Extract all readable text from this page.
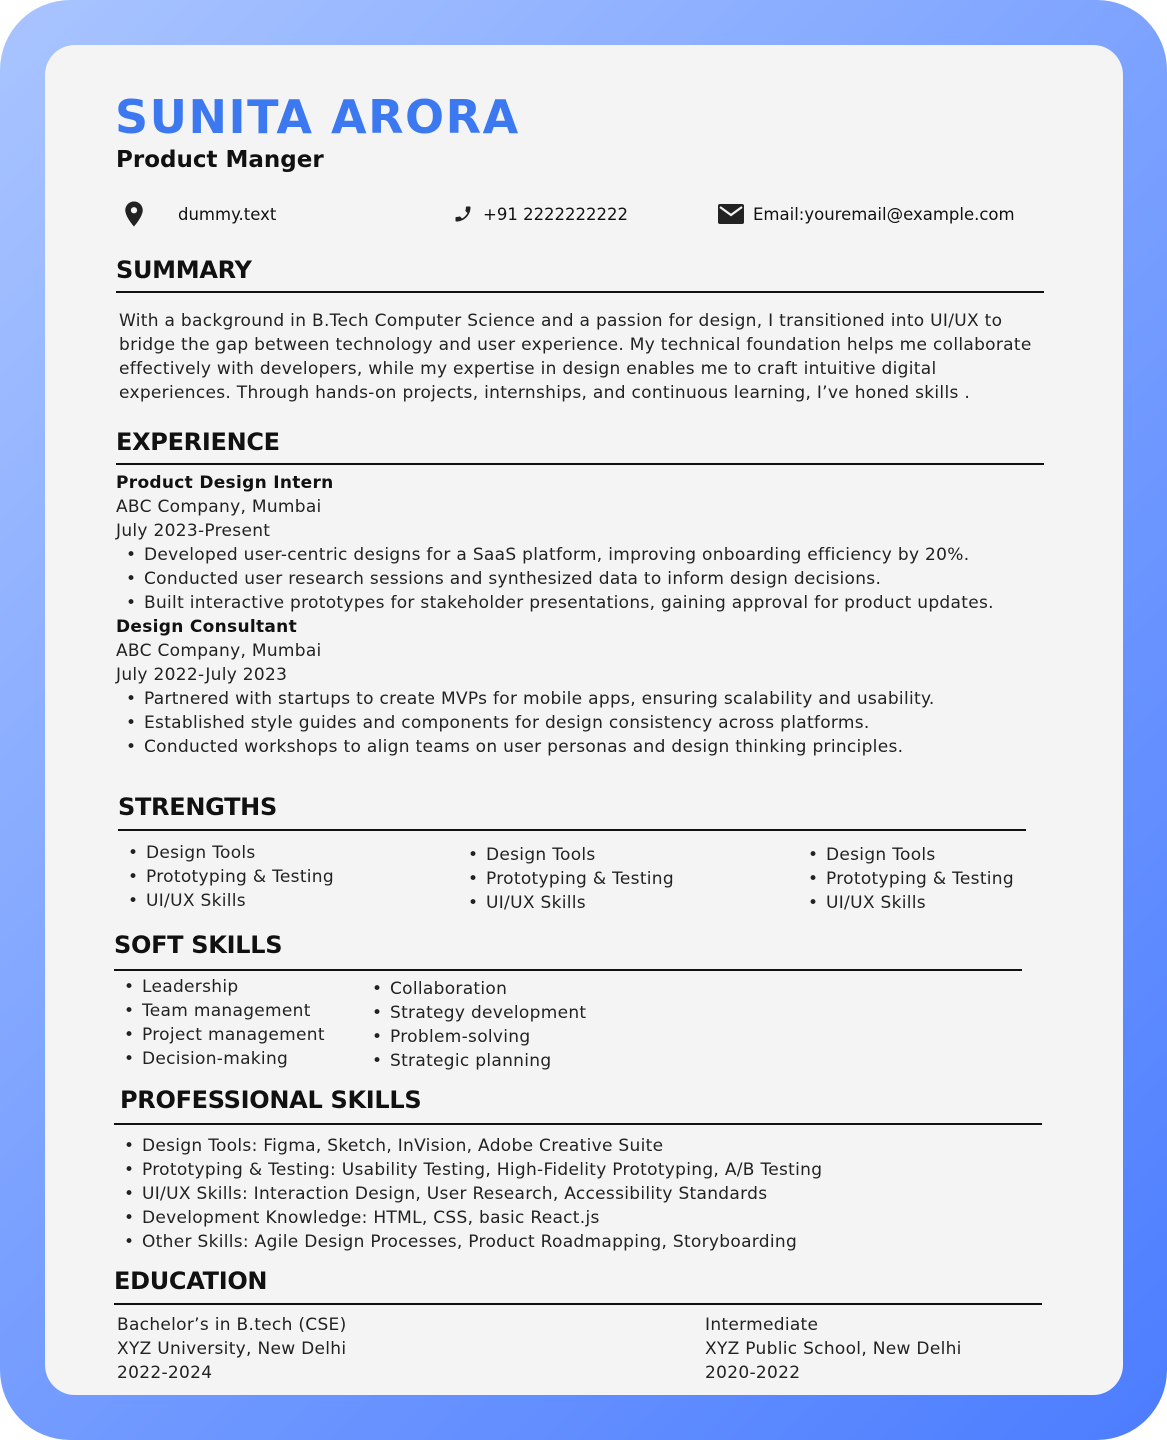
SUNITA ARORA
Product Manger
dummy.text	+91 2222222222	Email:youremail@example.com
SUMMARY
With a background in B.Tech Computer Science and a passion for design, I transitioned into UI/UX to bridge the gap between technology and user experience. My technical foundation helps me collaborate effectively with developers, while my expertise in design enables me to craft intuitive digital experiences. Through hands-on projects, internships, and continuous learning, I’ve honed skills .
EXPERIENCE
Product Design Intern
ABC Company, Mumbai
July 2023-Present
• Developed user-centric designs for a SaaS platform, improving onboarding efficiency by 20%.
• Conducted user research sessions and synthesized data to inform design decisions.
• Built interactive prototypes for stakeholder presentations, gaining approval for product updates.
Design Consultant
ABC Company, Mumbai
July 2022-July 2023
• Partnered with startups to create MVPs for mobile apps, ensuring scalability and usability.
• Established style guides and components for design consistency across platforms.
• Conducted workshops to align teams on user personas and design thinking principles.
STRENGTHS
• Design Tools
• Prototyping & Testing
• UI/UX Skills
• Design Tools
• Prototyping & Testing
• UI/UX Skills
• Design Tools
• Prototyping & Testing
• UI/UX Skills
SOFT SKILLS
• Leadership
• Team management
• Project management
• Decision-making
• Collaboration
• Strategy development
• Problem-solving
• Strategic planning
PROFESSIONAL SKILLS
• Design Tools: Figma, Sketch, InVision, Adobe Creative Suite
• Prototyping & Testing: Usability Testing, High-Fidelity Prototyping, A/B Testing
• UI/UX Skills: Interaction Design, User Research, Accessibility Standards
• Development Knowledge: HTML, CSS, basic React.js
• Other Skills: Agile Design Processes, Product Roadmapping, Storyboarding
EDUCATION
Bachelor’s in B.tech (CSE)
XYZ University, New Delhi
2022-2024
Intermediate
XYZ Public School, New Delhi
2020-2022
